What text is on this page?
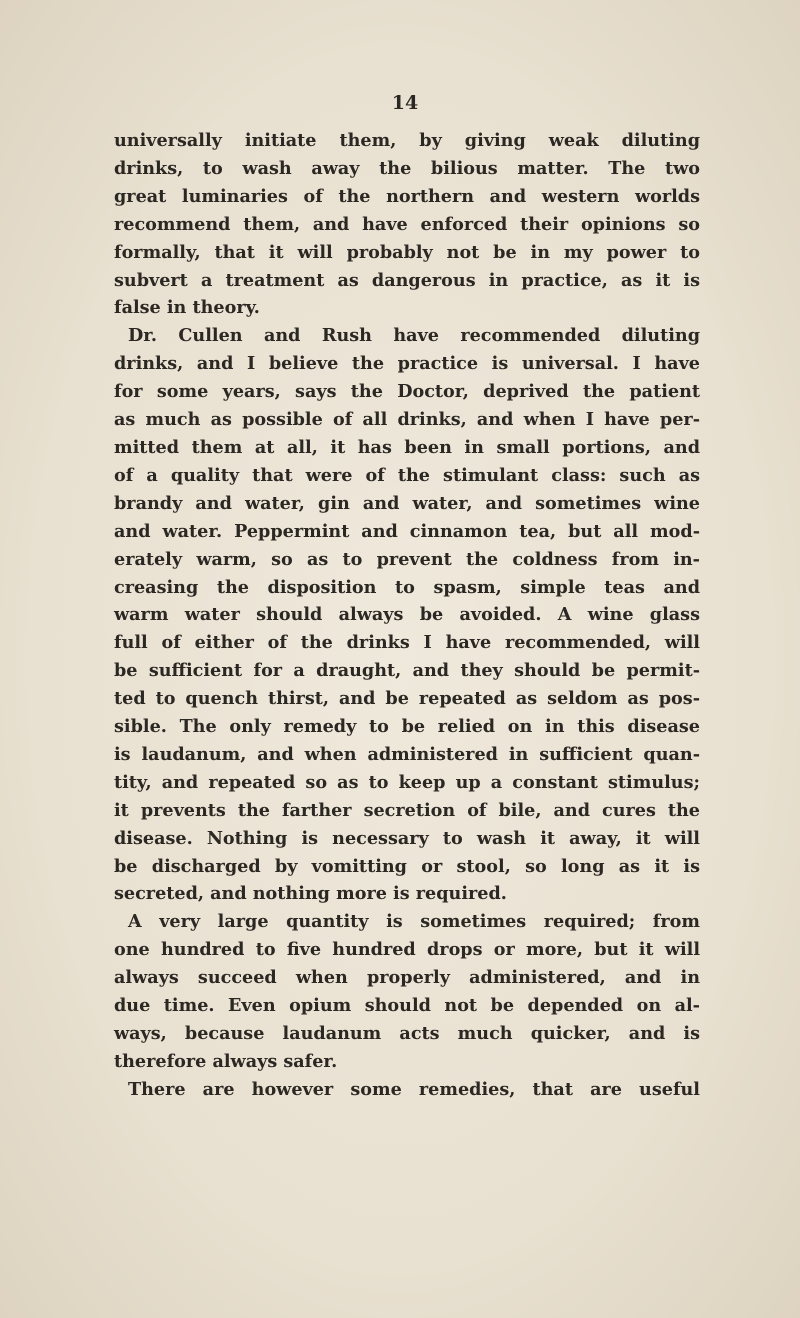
14
universally initiate them, by giving weak diluting
drinks, to wash away the bilious matter. The two
great luminaries of the northern and western worlds
recommend them, and have enforced their opinions so
formally, that it will probably not be in my power to
subvert a treatment as dangerous in practice, as it is
false in theory.
Dr. Cullen and Rush have recommended diluting
drinks, and I believe the practice is universal. I have
for some years, says the Doctor, deprived the patient
as much as possible of all drinks, and when I have per-
mitted them at all, it has been in small portions, and
of a quality that were of the stimulant class: such as
brandy and water, gin and water, and sometimes wine
and water. Peppermint and cinnamon tea, but all mod-
erately warm, so as to prevent the coldness from in-
creasing the disposition to spasm, simple teas and
warm water should always be avoided. A wine glass
full of either of the drinks I have recommended, will
be sufficient for a draught, and they should be permit-
ted to quench thirst, and be repeated as seldom as pos-
sible. The only remedy to be relied on in this disease
is laudanum, and when administered in sufficient quan-
tity, and repeated so as to keep up a constant stimulus;
it prevents the farther secretion of bile, and cures the
disease. Nothing is necessary to wash it away, it will
be discharged by vomitting or stool, so long as it is
secreted, and nothing more is required.
A very large quantity is sometimes required; from
one hundred to five hundred drops or more, but it will
always succeed when properly administered, and in
due time. Even opium should not be depended on al-
ways, because laudanum acts much quicker, and is
therefore always safer.
There are however some remedies, that are useful
